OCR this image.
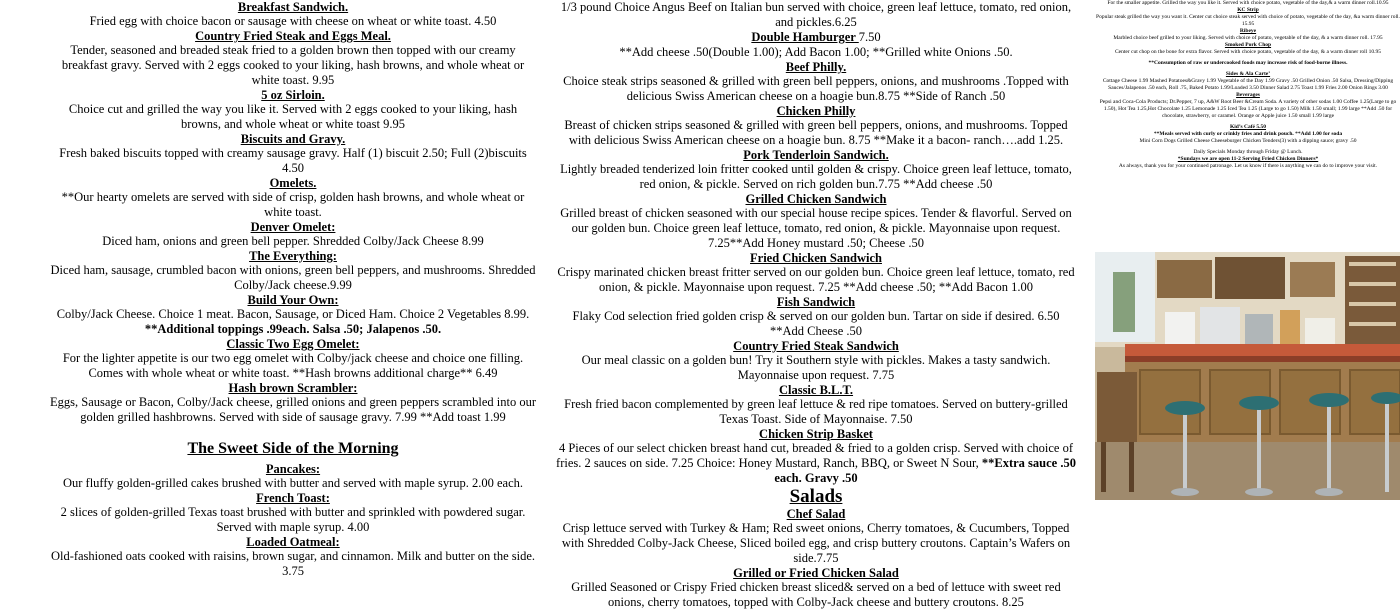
Breakfast Sandwich.
Fried egg with choice bacon or sausage with cheese on wheat or white toast. 4.50
Country Fried Steak and Eggs Meal.
Tender, seasoned and breaded steak fried to a golden brown then topped with our creamy breakfast gravy. Served with 2 eggs cooked to your liking, hash browns, and whole wheat or white toast. 9.95
5 oz Sirloin.
Choice cut and grilled the way you like it. Served with 2 eggs cooked to your liking, hash browns, and whole wheat or white toast 9.95
Biscuits and Gravy.
Fresh baked biscuits topped with creamy sausage gravy. Half (1) biscuit 2.50; Full (2)biscuits 4.50
Omelets.
**Our hearty omelets are served with side of crisp, golden hash browns, and whole wheat or white toast.
Denver Omelet:
Diced ham, onions and green bell pepper. Shredded Colby/Jack Cheese 8.99
The Everything:
Diced ham, sausage, crumbled bacon with onions, green bell peppers, and mushrooms. Shredded Colby/Jack cheese.9.99
Build Your Own:
Colby/Jack Cheese. Choice 1 meat. Bacon, Sausage, or Diced Ham. Choice 2 Vegetables 8.99. **Additional toppings .99each. Salsa .50; Jalapenos .50.
Classic Two Egg Omelet:
For the lighter appetite is our two egg omelet with Colby/jack cheese and choice one filling. Comes with whole wheat or white toast. **Hash browns additional charge** 6.49
Hash brown Scrambler:
Eggs, Sausage or Bacon, Colby/Jack cheese, grilled onions and green peppers scrambled into our golden grilled hashbrowns. Served with side of sausage gravy. 7.99 **Add toast 1.99
The Sweet Side of the Morning
Pancakes:
Our fluffy golden-grilled cakes brushed with butter and served with maple syrup. 2.00 each.
French Toast:
2 slices of golden-grilled Texas toast brushed with butter and sprinkled with powdered sugar. Served with maple syrup. 4.00
Loaded Oatmeal:
Old-fashioned oats cooked with raisins, brown sugar, and cinnamon. Milk and butter on the side. 3.75
1/3 pound Choice Angus Beef on Italian bun served with choice, green leaf lettuce, tomato, red onion, and pickles.6.25
Double Hamburger 7.50
**Add cheese .50(Double 1.00); Add Bacon 1.00; **Grilled white Onions .50.
Beef Philly.
Choice steak strips seasoned & grilled with green bell peppers, onions, and mushrooms .Topped with delicious Swiss American cheese on a hoagie bun.8.75 **Side of Ranch .50
Chicken Philly
Breast of chicken strips seasoned & grilled with green bell peppers, onions, and mushrooms. Topped with delicious Swiss American cheese on a hoagie bun. 8.75 **Make it a bacon- ranch….add 1.25.
Pork Tenderloin Sandwich.
Lightly breaded tenderized loin fritter cooked until golden & crispy. Choice green leaf lettuce, tomato, red onion, & pickle. Served on rich golden bun.7.75 **Add cheese .50
Grilled Chicken Sandwich
Grilled breast of chicken seasoned with our special house recipe spices. Tender & flavorful. Served on our golden bun. Choice green leaf lettuce, tomato, red onion, & pickle. Mayonnaise upon request. 7.25**Add Honey mustard .50; Cheese .50
Fried Chicken Sandwich
Crispy marinated chicken breast fritter served on our golden bun. Choice green leaf lettuce, tomato, red onion, & pickle. Mayonnaise upon request. 7.25 **Add cheese .50; **Add Bacon 1.00
Fish Sandwich
Flaky Cod selection fried golden crisp & served on our golden bun. Tartar on side if desired. 6.50 **Add Cheese .50
Country Fried Steak Sandwich
Our meal classic on a golden bun! Try it Southern style with pickles. Makes a tasty sandwich. Mayonnaise upon request. 7.75
Classic B.L.T.
Fresh fried bacon complemented by green leaf lettuce & red ripe tomatoes. Served on buttery-grilled Texas Toast. Side of Mayonnaise. 7.50
Chicken Strip Basket
4 Pieces of our select chicken breast hand cut, breaded & fried to a golden crisp. Served with choice of fries. 2 sauces on side. 7.25 Choice: Honey Mustard, Ranch, BBQ, or Sweet N Sour, **Extra sauce .50 each. Gravy .50
Salads
Chef Salad
Crisp lettuce served with Turkey & Ham; Red sweet onions, Cherry tomatoes, & Cucumbers, Topped with Shredded Colby-Jack Cheese, Sliced boiled egg, and crisp buttery croutons. Captain’s Wafers on side.7.75
Grilled or Fried Chicken Salad
Grilled Seasoned or Crispy Fried chicken breast sliced& served on a bed of lettuce with sweet red onions, cherry tomatoes, topped with Colby-Jack cheese and buttery croutons. 8.25
For the smaller appetite. Grilled the way you like it. Served with choice potato, vegetable of the day,& a warm dinner roll.10.95
KC Strip
Popular steak grilled the way you want it. Center cut choice steak served with choice of potato, vegetable of the day, &a warm dinner roll. 15.95
Ribeye
Marbled choice beef grilled to your liking. Served with choice of potato, vegetable of the day, & a warm dinner roll. 17.95
Smoked Pork Chop
Center cut chop on the bone for extra flavor. Served with choice potato, vegetable of the day, & a warm dinner roll 10.95
**Consumption of raw or undercooked foods may increase risk of food-borne illness.
Sides & Ala Carte’
Cottage Cheese 1.99 Mashed Potatoes&Gravy 1.99 Vegetable of the Day 1.99 Gravy .50 Grilled Onion .50 Salsa, Dressing/Dipping Sauces/Jalapenos .50 each, Roll .75, Baked Potato 1.99/Loaded 3.50 Dinner Salad 2.75 Toast 1.99 Fries 2.00 Onion Rings 3.00
Beverages
Pepsi and Coca-Cola Products; Dr.Pepper, 7 up, A&W Root Beer &Cream Soda. A variety of other sodas 1.00 Coffee 1.25(Large to go 1.50), Hot Tea 1.25,Hot Chocolate 1.25 Lemonade 1.25 Iced Tea 1.25 (Large to go 1.50) Milk 1.50 small; 1.99 large **Add .50 for chocolate, strawberry, or caramel. Orange or Apple juice 1.50 small 1.99 large
Kid’s Café 5.50
**Meals served with curly or crinkly fries and drink pouch. **Add 1.00 for soda
Mini Corn Dogs Grilled Cheese Cheeseburger Chicken Tenders(3) with a dipping sauce; gravy .50
Daily Specials Monday through Friday @ Lunch.
*Sundays we are open 11-2 Serving Fried Chicken Dinners*
As always, thank you for your continued patronage. Let us know if there is anything we can do to improve your visit.
